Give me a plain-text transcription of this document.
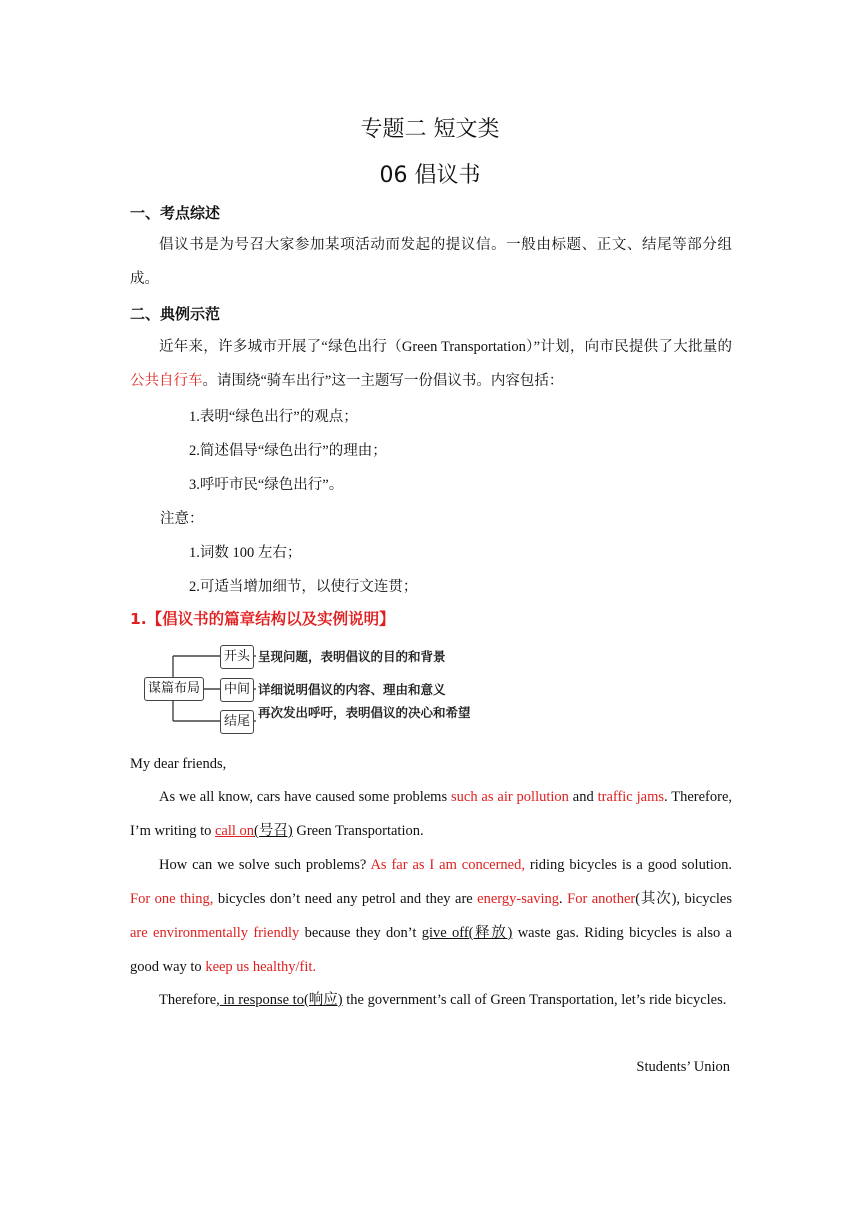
专题二 短文类
06 倡议书
一、考点综述
倡议书是为号召大家参加某项活动而发起的提议信。一般由标题、正文、结尾等部分组成。
二、典例示范
近年来，许多城市开展了“绿色出行（Green Transportation）”计划，向市民提供了大批量的公共自行车。请围绕“骑车出行”这一主题写一份倡议书。内容包括：
1.表明“绿色出行”的观点；
2.简述倡导“绿色出行”的理由；
3.呼吁市民“绿色出行”。
注意：
1.词数 100 左右；
2.可适当增加细节，以使行文连贯；
1.【倡议书的篇章结构以及实例说明】
谋篇布局
开头
中间
结尾
呈现问题，表明倡议的目的和背景
详细说明倡议的内容、理由和意义
再次发出呼吁，表明倡议的决心和希望
My dear friends,
As we all know, cars have caused some problems such as air pollution and traffic jams. Therefore, I’m writing to call on(号召) Green Transportation.
How can we solve such problems? As far as I am concerned, riding bicycles is a good solution. For one thing, bicycles don’t need any petrol and they are energy-saving. For another(其次), bicycles are environmentally friendly because they don’t give off(释放) waste gas. Riding bicycles is also a good way to keep us healthy/fit.
Therefore, in response to(响应) the government’s call of Green Transportation, let’s ride bicycles.
Students’ Union
